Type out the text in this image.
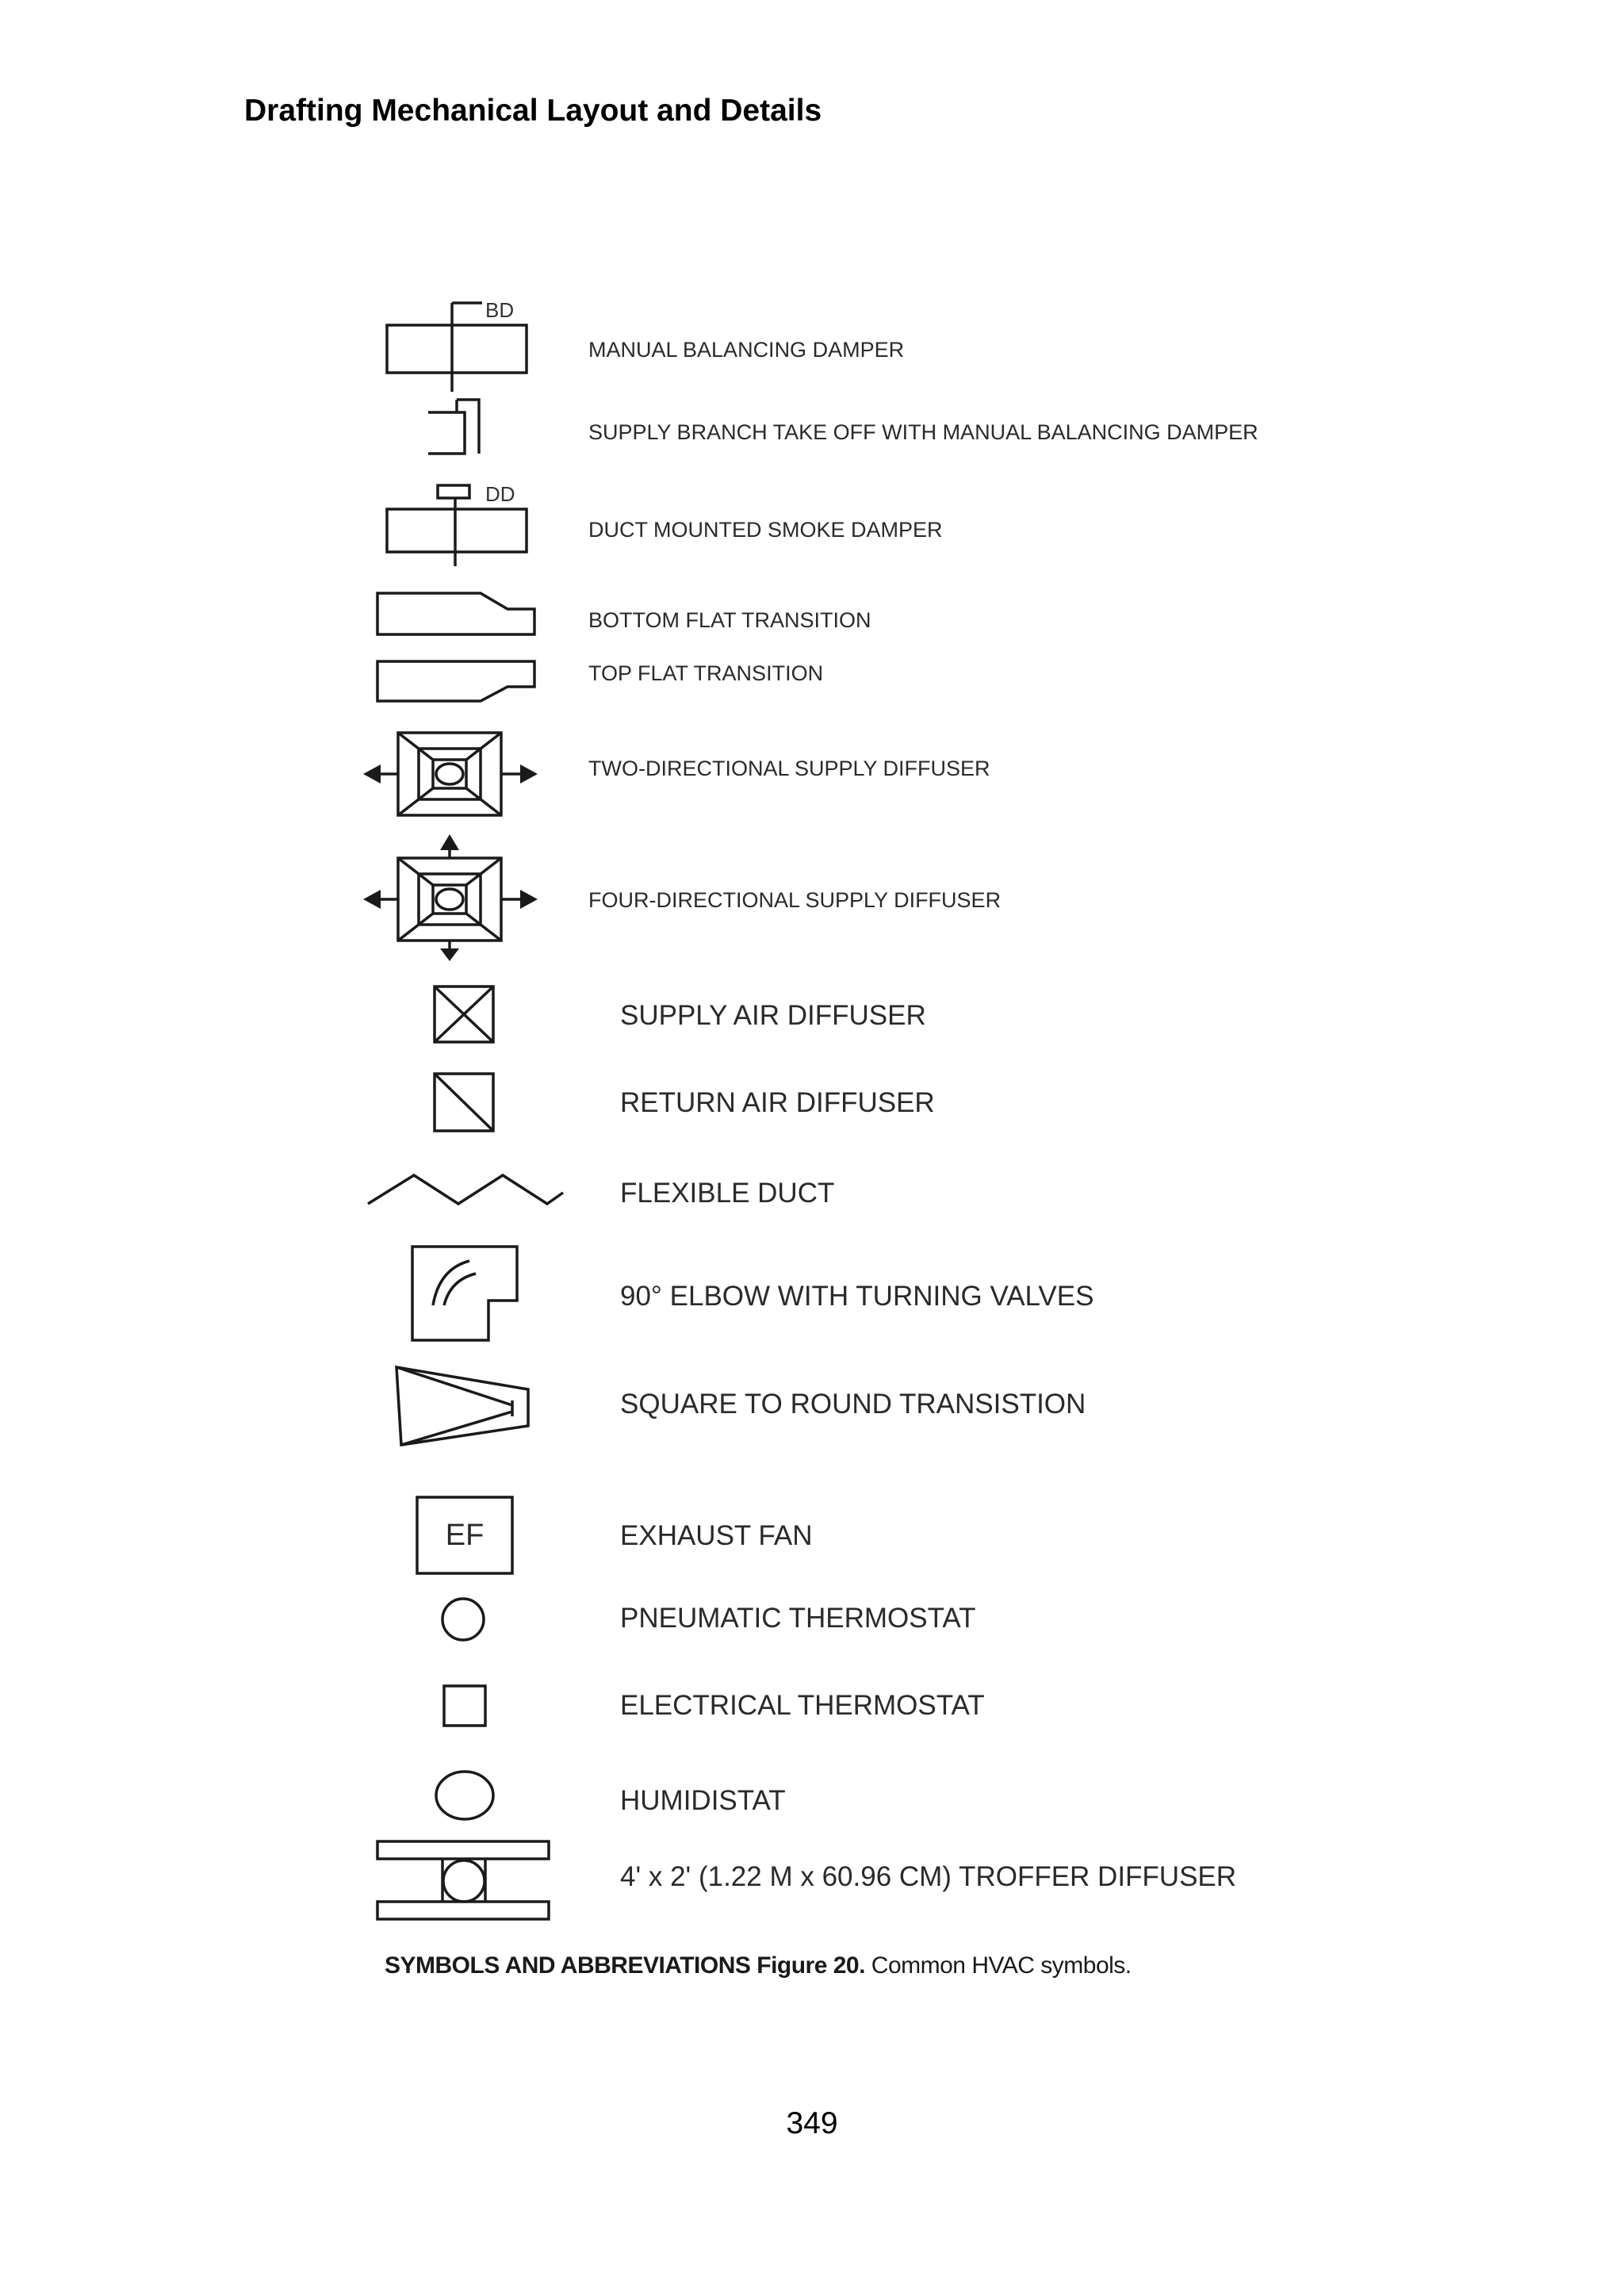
Drafting Mechanical Layout and Details
BD
MANUAL BALANCING DAMPER
SUPPLY BRANCH TAKE OFF WITH MANUAL BALANCING DAMPER
DD
DUCT MOUNTED SMOKE DAMPER
BOTTOM FLAT TRANSITION
TOP FLAT TRANSITION
TWO-DIRECTIONAL SUPPLY DIFFUSER
FOUR-DIRECTIONAL SUPPLY DIFFUSER
SUPPLY AIR DIFFUSER
RETURN AIR DIFFUSER
FLEXIBLE DUCT
90° ELBOW WITH TURNING VALVES
SQUARE TO ROUND TRANSISTION
EF	EXHAUST FAN
PNEUMATIC THERMOSTAT
ELECTRICAL THERMOSTAT
HUMIDISTAT
4' x 2' (1.22 M x 60.96 CM) TROFFER DIFFUSER

SYMBOLS AND ABBREVIATIONS Figure 20. Common HVAC symbols.

349
